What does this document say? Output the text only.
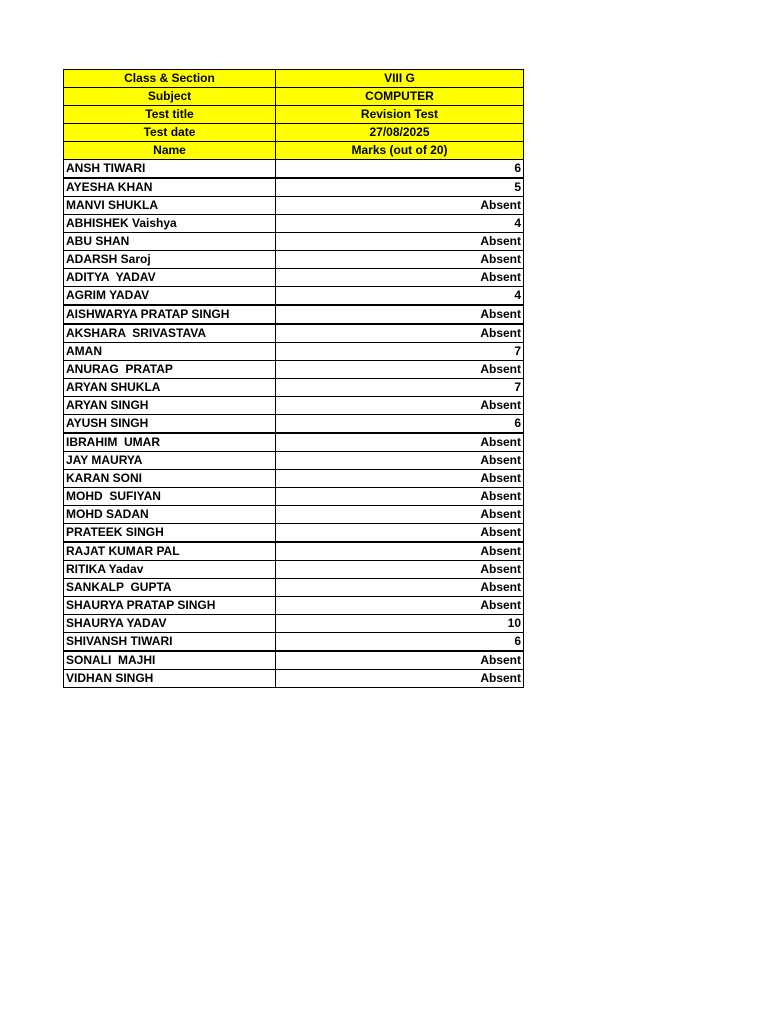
Class & Section	VIII G
Subject	COMPUTER
Test title	Revision Test
Test date	27/08/2025
Name	Marks (out of 20)
ANSH TIWARI	6
AYESHA KHAN	5
MANVI SHUKLA	Absent
ABHISHEK Vaishya	4
ABU SHAN	Absent
ADARSH Saroj	Absent
ADITYA  YADAV	Absent
AGRIM YADAV	4
AISHWARYA PRATAP SINGH	Absent
AKSHARA  SRIVASTAVA	Absent
AMAN	7
ANURAG  PRATAP	Absent
ARYAN SHUKLA	7
ARYAN SINGH	Absent
AYUSH SINGH	6
IBRAHIM  UMAR	Absent
JAY MAURYA	Absent
KARAN SONI	Absent
MOHD  SUFIYAN	Absent
MOHD SADAN	Absent
PRATEEK SINGH	Absent
RAJAT KUMAR PAL	Absent
RITIKA Yadav	Absent
SANKALP  GUPTA	Absent
SHAURYA PRATAP SINGH	Absent
SHAURYA YADAV	10
SHIVANSH TIWARI	6
SONALI  MAJHI	Absent
VIDHAN SINGH	Absent
